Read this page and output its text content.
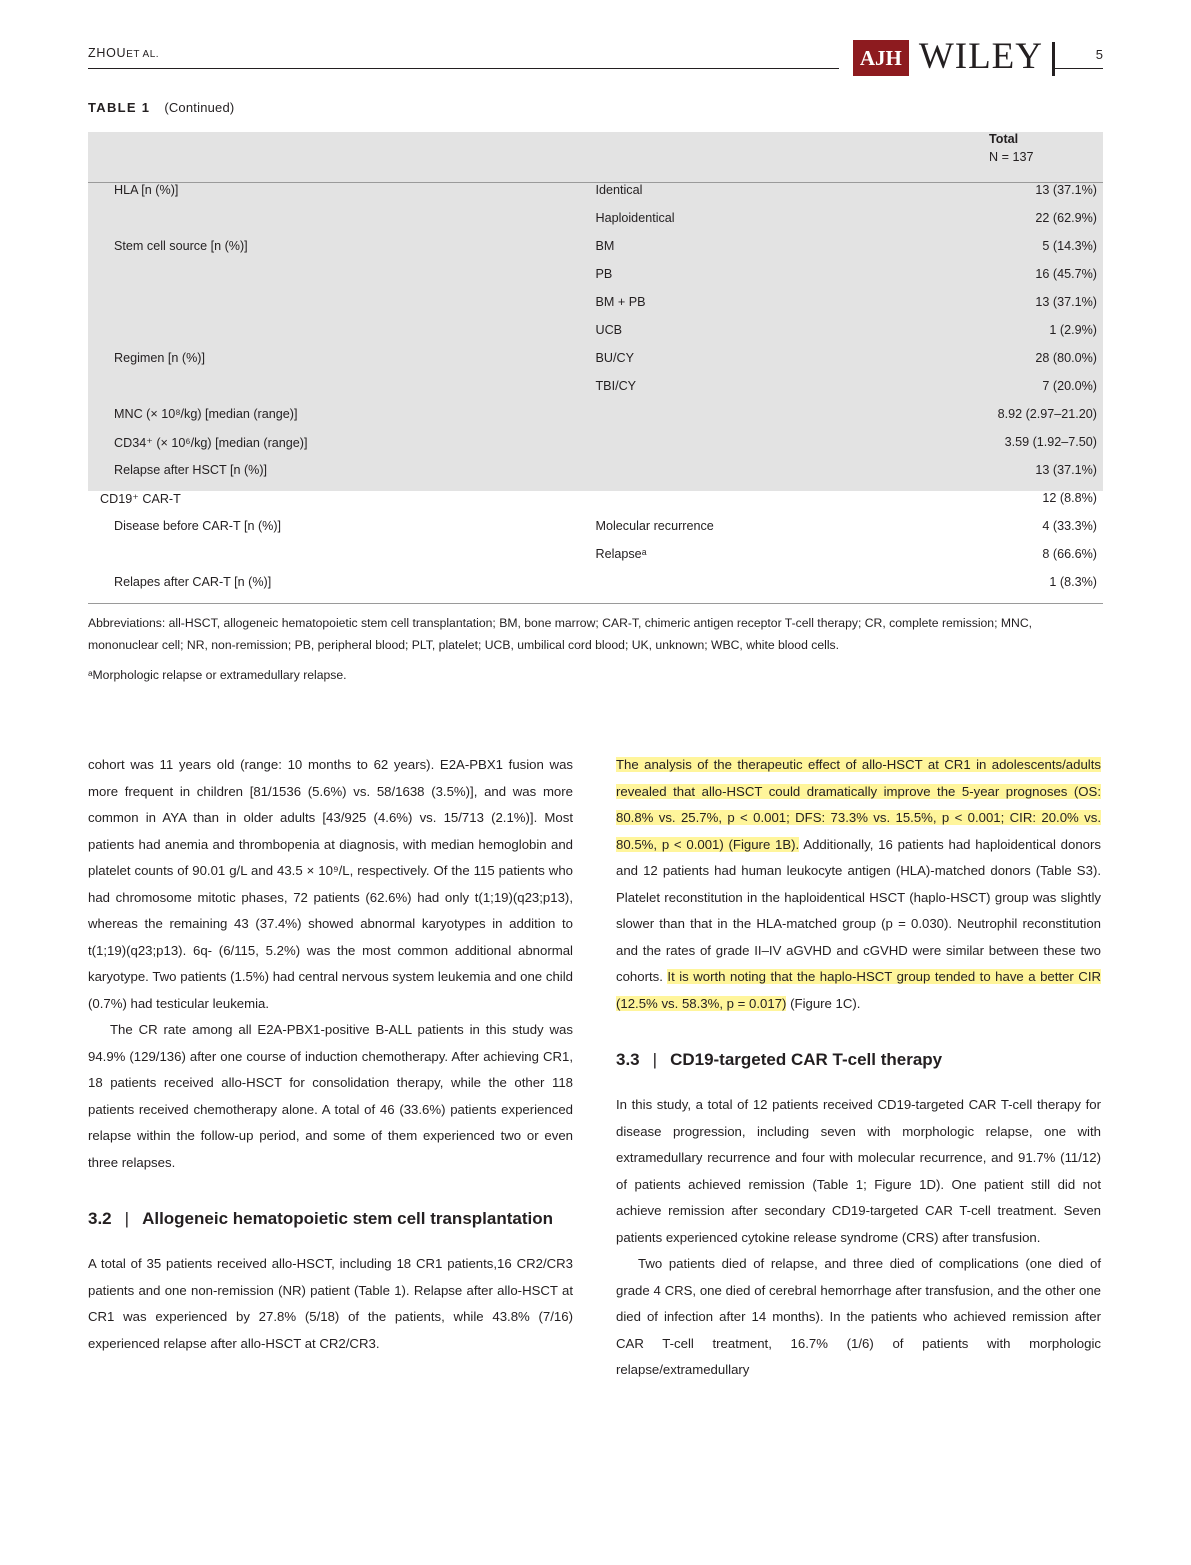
ZHOUET AL.	AJH WILEY	5
TABLE 1 (Continued)

		Total
N = 137

HLA [n (%)]	Identical	13 (37.1%)
	Haploidentical	22 (62.9%)
Stem cell source [n (%)]	BM	5 (14.3%)
	PB	16 (45.7%)
	BM + PB	13 (37.1%)
	UCB	1 (2.9%)
Regimen [n (%)]	BU/CY	28 (80.0%)
	TBI/CY	7 (20.0%)
MNC (× 10⁸/kg) [median (range)]		8.92 (2.97–21.20)
CD34⁺ (× 10⁶/kg) [median (range)]		3.59 (1.92–7.50)
Relapse after HSCT [n (%)]		13 (37.1%)
CD19⁺ CAR-T		12 (8.8%)
Disease before CAR-T [n (%)]	Molecular recurrence	4 (33.3%)
	Relapseᵃ	8 (66.6%)
Relapes after CAR-T [n (%)]		1 (8.3%)
Abbreviations: all-HSCT, allogeneic hematopoietic stem cell transplantation; BM, bone marrow; CAR-T, chimeric antigen receptor T-cell therapy; CR, complete remission; MNC, mononuclear cell; NR, non-remission; PB, peripheral blood; PLT, platelet; UCB, umbilical cord blood; UK, unknown; WBC, white blood cells.
ᵃMorphologic relapse or extramedullary relapse.

cohort was 11 years old (range: 10 months to 62 years). E2A-PBX1 fusion was more frequent in children [81/1536 (5.6%) vs. 58/1638 (3.5%)], and was more common in AYA than in older adults [43/925 (4.6%) vs. 15/713 (2.1%)]. Most patients had anemia and thrombopenia at diagnosis, with median hemoglobin and platelet counts of 90.01 g/L and 43.5 × 10⁹/L, respectively. Of the 115 patients who had chromosome mitotic phases, 72 patients (62.6%) had only t(1;19)(q23;p13), whereas the remaining 43 (37.4%) showed abnormal karyotypes in addition to t(1;19)(q23;p13). 6q- (6/115, 5.2%) was the most common additional abnormal karyotype. Two patients (1.5%) had central nervous system leukemia and one child (0.7%) had testicular leukemia.

The CR rate among all E2A-PBX1-positive B-ALL patients in this study was 94.9% (129/136) after one course of induction chemotherapy. After achieving CR1, 18 patients received allo-HSCT for consolidation therapy, while the other 118 patients received chemotherapy alone. A total of 46 (33.6%) patients experienced relapse within the follow-up period, and some of them experienced two or even three relapses.

3.2 | Allogeneic hematopoietic stem cell transplantation

A total of 35 patients received allo-HSCT, including 18 CR1 patients,16 CR2/CR3 patients and one non-remission (NR) patient (Table 1). Relapse after allo-HSCT at CR1 was experienced by 27.8% (5/18) of the patients, while 43.8% (7/16) experienced relapse after allo-HSCT at CR2/CR3.

The analysis of the therapeutic effect of allo-HSCT at CR1 in adolescents/adults revealed that allo-HSCT could dramatically improve the 5-year prognoses (OS: 80.8% vs. 25.7%, p < 0.001; DFS: 73.3% vs. 15.5%, p < 0.001; CIR: 20.0% vs. 80.5%, p < 0.001) (Figure 1B). Additionally, 16 patients had haploidentical donors and 12 patients had human leukocyte antigen (HLA)-matched donors (Table S3). Platelet reconstitution in the haploidentical HSCT (haplo-HSCT) group was slightly slower than that in the HLA-matched group (p = 0.030). Neutrophil reconstitution and the rates of grade II–IV aGVHD and cGVHD were similar between these two cohorts. It is worth noting that the haplo-HSCT group tended to have a better CIR (12.5% vs. 58.3%, p = 0.017) (Figure 1C).

3.3 | CD19-targeted CAR T-cell therapy

In this study, a total of 12 patients received CD19-targeted CAR T-cell therapy for disease progression, including seven with morphologic relapse, one with extramedullary recurrence and four with molecular recurrence, and 91.7% (11/12) of patients achieved remission (Table 1; Figure 1D). One patient still did not achieve remission after secondary CD19-targeted CAR T-cell treatment. Seven patients experienced cytokine release syndrome (CRS) after transfusion.

Two patients died of relapse, and three died of complications (one died of grade 4 CRS, one died of cerebral hemorrhage after transfusion, and the other one died of infection after 14 months). In the patients who achieved remission after CAR T-cell treatment, 16.7% (1/6) of patients with morphologic relapse/extramedullary
